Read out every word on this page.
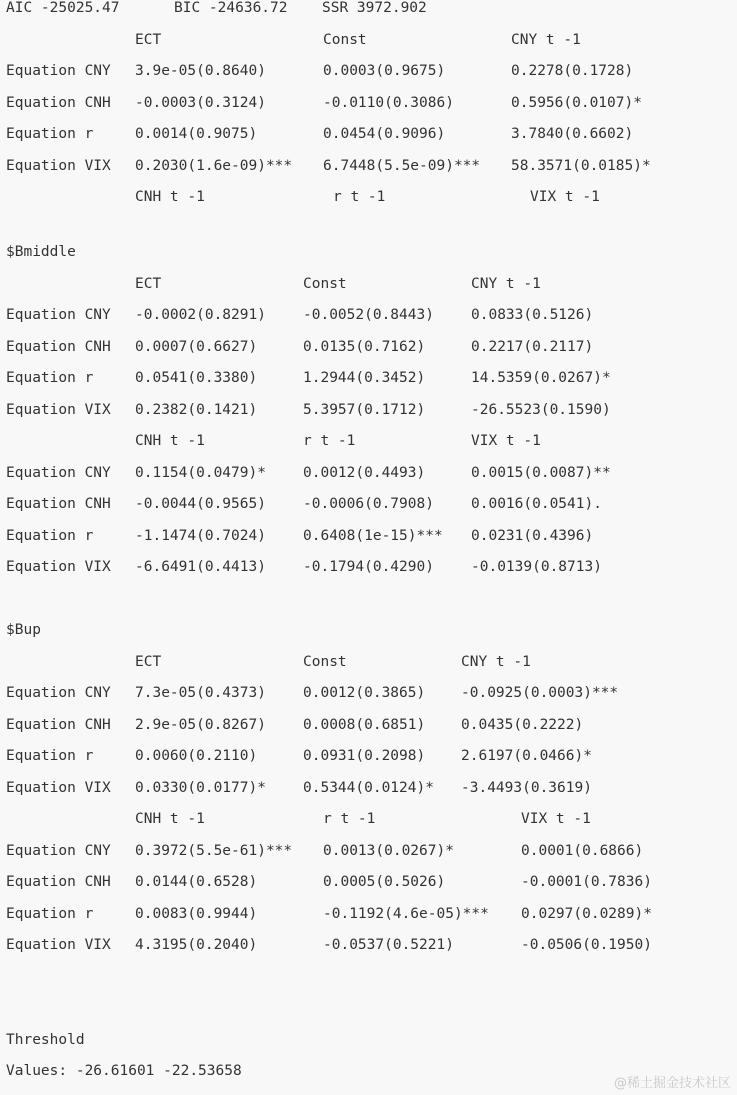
AIC -25025.47	BIC -24636.72 SSR 3972.902
ECT	Const	CNY t -1
Equation CNY 3.9e-05(0.8640)	0.0003(0.9675)	0.2278(0.1728)
Equation CNH -0.0003(0.3124)	-0.0110(0.3086)	0.5956(0.0107)*
Equation r	0.0014(0.9075)	0.0454(0.9096)	3.7840(0.6602)
Equation VIX 0.2030(1.6e-09)*** 6.7448(5.5e-09)*** 58.3571(0.0185)*
CNH t -1	r t -1	VIX t -1
$Bmiddle
ECT	Const	CNY t -1
Equation CNY -0.0002(0.8291)	-0.0052(0.8443)	0.0833(0.5126)
Equation CNH 0.0007(0.6627)	0.0135(0.7162)	0.2217(0.2117)
Equation r	0.0541(0.3380)	1.2944(0.3452)	14.5359(0.0267)*
Equation VIX 0.2382(0.1421)	5.3957(0.1712)	-26.5523(0.1590)
CNH t -1	r t -1	VIX t -1
Equation CNY 0.1154(0.0479)*	0.0012(0.4493)	0.0015(0.0087)**
Equation CNH -0.0044(0.9565)	-0.0006(0.7908)	0.0016(0.0541).
Equation r	-1.1474(0.7024)	0.6408(1e-15)*** 0.0231(0.4396)
Equation VIX -6.6491(0.4413)	-0.1794(0.4290)	-0.0139(0.8713)
$Bup
ECT	Const	CNY t -1
Equation CNY 7.3e-05(0.4373)	0.0012(0.3865) -0.0925(0.0003)***
Equation CNH 2.9e-05(0.8267)	0.0008(0.6851) 0.0435(0.2222)
Equation r	0.0060(0.2110)	0.0931(0.2098) 2.6197(0.0466)*
Equation VIX 0.0330(0.0177)*	0.5344(0.0124)* -3.4493(0.3619)
CNH t -1	r t -1	VIX t -1
Equation CNY 0.3972(5.5e-61)*** 0.0013(0.0267)*	0.0001(0.6866)
Equation CNH 0.0144(0.6528)	0.0005(0.5026)	-0.0001(0.7836)
Equation r	0.0083(0.9944)	-0.1192(4.6e-05)*** 0.0297(0.0289)*
Equation VIX 4.3195(0.2040)	-0.0537(0.5221)	-0.0506(0.1950)
Threshold
Values: -26.61601 -22.53658
@稀土掘金技术社区
